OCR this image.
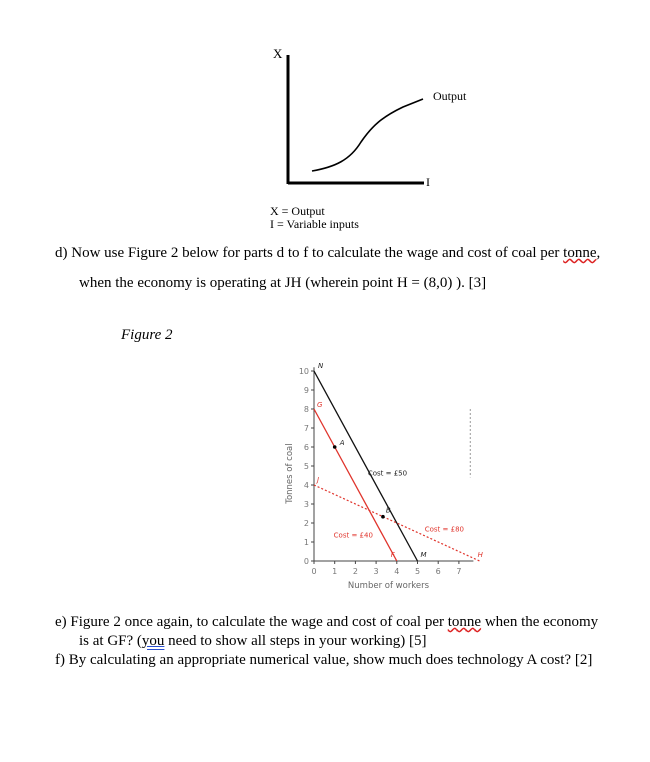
X
Output
I
X = Output
I = Variable inputs
d) Now use Figure 2 below for parts d to f to calculate the wage and cost of coal per tonne,
when the economy is operating at JH (wherein point H = (8,0) ). [3]
Figure 2
0
1
2
3
4
5
6
7
8
9
10
0 1 2 3 4 5 6 7
Tonnes of coal
Number of workers
N
G
A
J
B
F	M	H
Cost = £50
Cost = £40
Cost = £80
e) Figure 2 once again, to calculate the wage and cost of coal per tonne when the economy
is at GF? (you need to show all steps in your working) [5]
f) By calculating an appropriate numerical value, show much does technology A cost? [2]
